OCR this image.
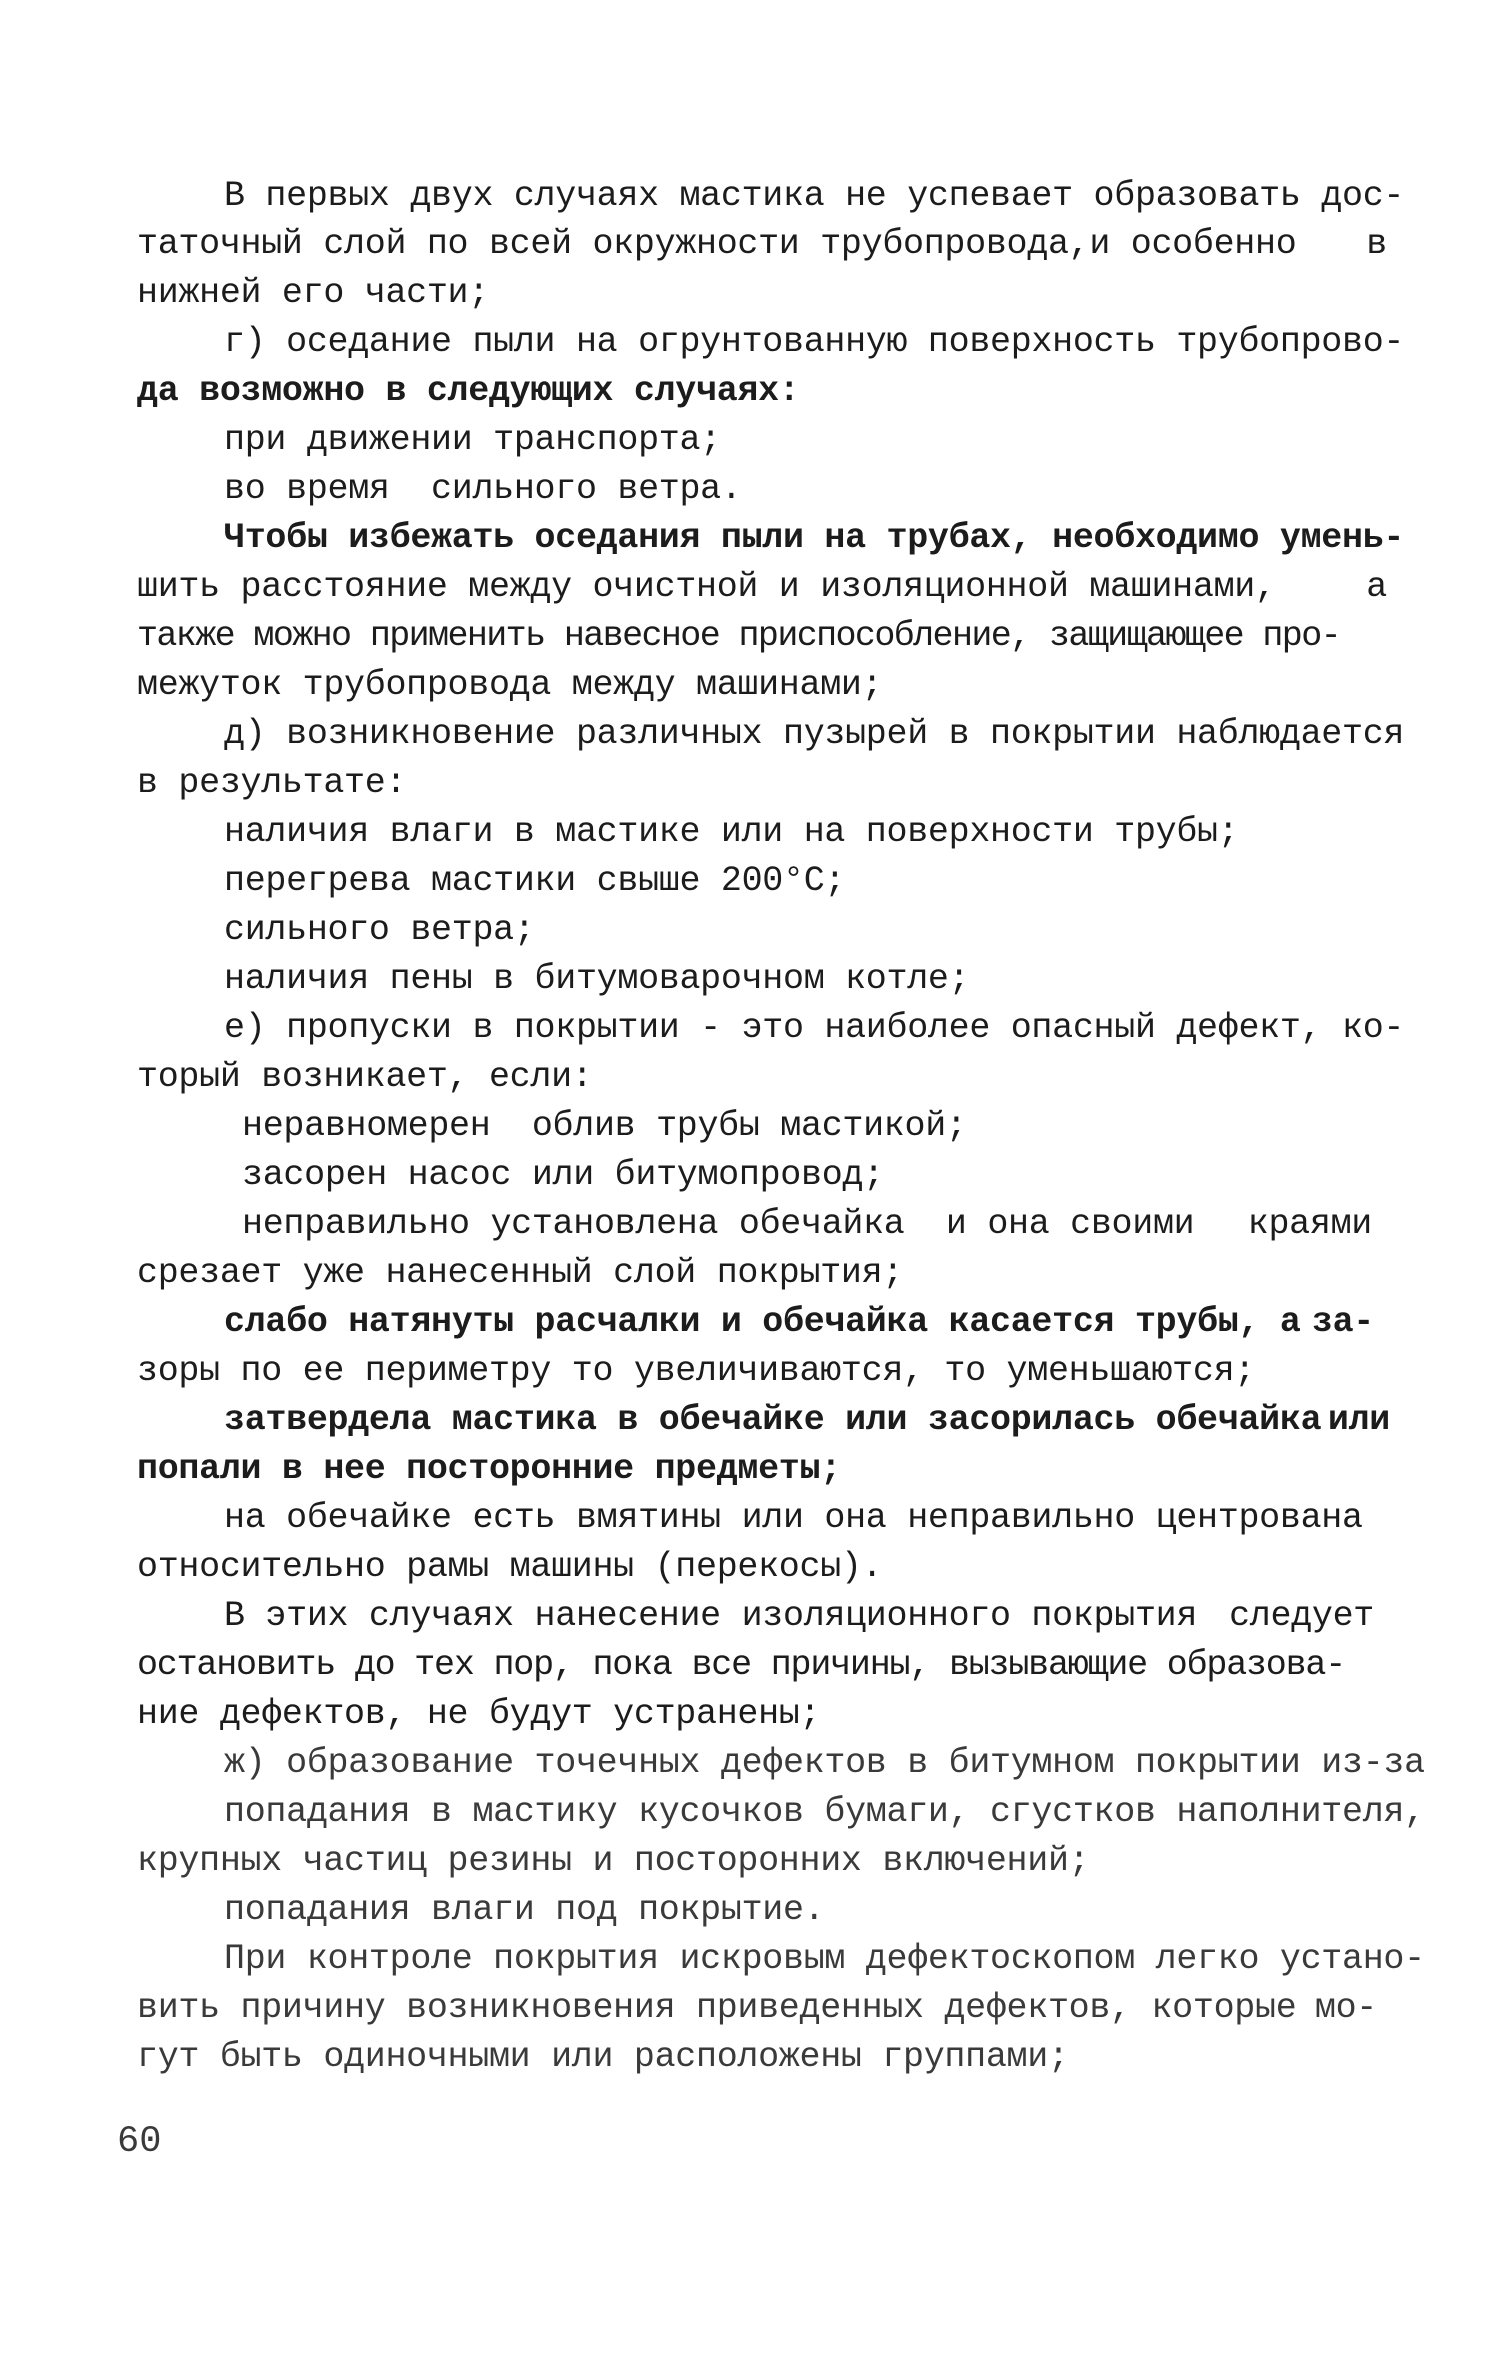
В первых двух случаях мастика не успевает образовать дос-

таточный слой по всей окружности трубопровода,и особенно в

нижней его части;

г) оседание пыли на огрунтованную поверхность трубопрово-

да возможно в следующих случаях:

при движении транспорта;

во время  сильного ветра.

Чтобы избежать оседания пыли на трубах, необходимо умень-

шить расстояние между очистной и изоляционной машинами,	а

также можно применить навесное приспособление, защищающее про-

межуток трубопровода между машинами;

д) возникновение различных пузырей в покрытии наблюдается

в результате:

наличия влаги в мастике или на поверхности трубы;

перегрева мастики свыше 200°С;

сильного ветра;

наличия пены в битумоварочном котле;

е) пропуски в покрытии - это наиболее опасный дефект, ко-

торый возникает, если:

неравномерен  облив трубы мастикой;

засорен насос или битумопровод;

неправильно установлена обечайка  и она своими краями

срезает уже нанесенный слой покрытия;

слабо натянуты расчалки и обечайка касается трубы, а за-

зоры по ее периметру то увеличиваются, то уменьшаются;

затвердела мастика в обечайке или засорилась обечайка или

попали в нее посторонние предметы;

на обечайке есть вмятины или она неправильно центрована

относительно рамы машины (перекосы).

В этих случаях нанесение изоляционного покрытия следует

остановить до тех пор, пока все причины, вызывающие образова-

ние дефектов, не будут устранены;

ж) образование точечных дефектов в битумном покрытии из-за

попадания в мастику кусочков бумаги, сгустков наполнителя,

крупных частиц резины и посторонних включений;

попадания влаги под покрытие.

При контроле покрытия искровым дефектоскопом легко устано-

вить причину возникновения приведенных дефектов, которые мо-

гут быть одиночными или расположены группами;

60
